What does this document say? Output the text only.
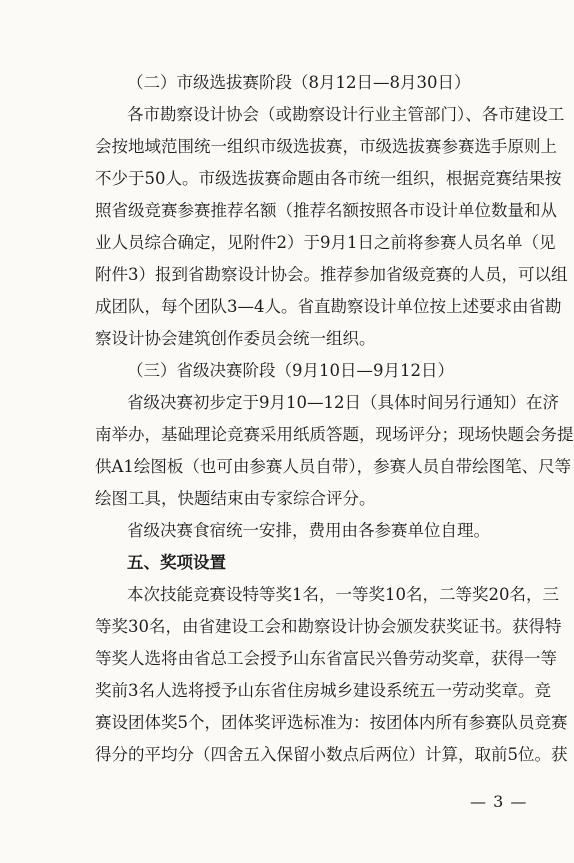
（二）市级选拔赛阶段（8月12日—8月30日）
各市勘察设计协会（或勘察设计行业主管部门）、各市建设工
会按地域范围统一组织市级选拔赛，市级选拔赛参赛选手原则上
不少于50人。市级选拔赛命题由各市统一组织，根据竞赛结果按
照省级竞赛参赛推荐名额（推荐名额按照各市设计单位数量和从
业人员综合确定，见附件2）于9月1日之前将参赛人员名单（见
附件3）报到省勘察设计协会。推荐参加省级竞赛的人员，可以组
成团队，每个团队3—4人。省直勘察设计单位按上述要求由省勘
察设计协会建筑创作委员会统一组织。
（三）省级决赛阶段（9月10日—9月12日）
省级决赛初步定于9月10—12日（具体时间另行通知）在济
南举办，基础理论竞赛采用纸质答题，现场评分；现场快题会务提
供A1绘图板（也可由参赛人员自带），参赛人员自带绘图笔、尺等
绘图工具，快题结束由专家综合评分。
省级决赛食宿统一安排，费用由各参赛单位自理。
五、奖项设置
本次技能竞赛设特等奖1名，一等奖10名，二等奖20名，三
等奖30名，由省建设工会和勘察设计协会颁发获奖证书。获得特
等奖人选将由省总工会授予山东省富民兴鲁劳动奖章，获得一等
奖前3名人选将授予山东省住房城乡建设系统五一劳动奖章。竞
赛设团体奖5个，团体奖评选标准为：按团体内所有参赛队员竞赛
得分的平均分（四舍五入保留小数点后两位）计算，取前5位。获
— 3 —
